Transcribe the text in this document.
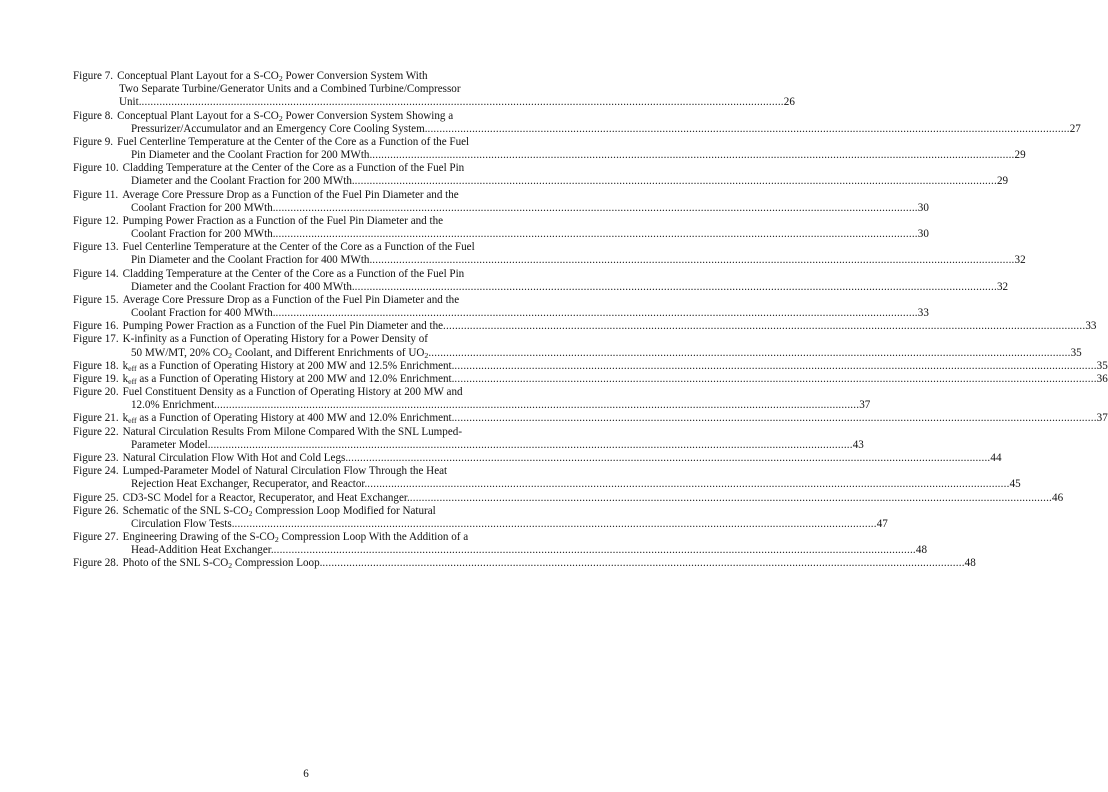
Figure 7. Conceptual Plant Layout for a $S-CO_2$ Power Conversion System With
Two Separate Turbine/Generator Units and a Combined Turbine/Compressor
Unit. .....	26
Figure 8. Conceptual Plant Layout for a $S-CO_2$ Power Conversion System Showing a
Pressurizer/Accumulator and an Emergency Core Cooling System. .....	27
Figure 9. Fuel Centerline Temperature at the Center of the Core as a Function of the Fuel
Pin Diameter and the Coolant Fraction for 200 MWth. .....	29
Figure 10. Cladding Temperature at the Center of the Core as a Function of the Fuel Pin
Diameter and the Coolant Fraction for 200 MWth. .....	29
Figure 11. Average Core Pressure Drop as a Function of the Fuel Pin Diameter and the
Coolant Fraction for 200 MWth. .....	30
Figure 12. Pumping Power Fraction as a Function of the Fuel Pin Diameter and the
Coolant Fraction for 200 MWth. .....	30
Figure 13. Fuel Centerline Temperature at the Center of the Core as a Function of the Fuel
Pin Diameter and the Coolant Fraction for 400 MWth. .....	32
Figure 14. Cladding Temperature at the Center of the Core as a Function of the Fuel Pin
Diameter and the Coolant Fraction for 400 MWth. .....	32
Figure 15. Average Core Pressure Drop as a Function of the Fuel Pin Diameter and the
Coolant Fraction for 400 MWth. .....	33
Figure 16. Pumping Power Fraction as a Function of the Fuel Pin Diameter and the .....	33
Figure 17. K-infinity as a Function of Operating History for a Power Density of
50 MW/MT, 20% $CO_2$ Coolant, and Different Enrichments of $UO_2$ .....	35
Figure 18. $k_{eff}$ as a Function of Operating History at 200 MW and 12.5% Enrichment. .....	35
Figure 19. $k_{eff}$ as a Function of Operating History at 200 MW and 12.0% Enrichment. .....	36
Figure 20. Fuel Constituent Density as a Function of Operating History at 200 MW and
12.0% Enrichment. .....	37
Figure 21. $k_{eff}$ as a Function of Operating History at 400 MW and 12.0% Enrichment. .....	37
Figure 22. Natural Circulation Results From Milone Compared With the SNL Lumped-
Parameter Model. .....	43
Figure 23. Natural Circulation Flow With Hot and Cold Legs. .....	44
Figure 24. Lumped-Parameter Model of Natural Circulation Flow Through the Heat
Rejection Heat Exchanger, Recuperator, and Reactor. .....	45
Figure 25. CD3-SC Model for a Reactor, Recuperator, and Heat Exchanger. .....	46
Figure 26. Schematic of the SNL $S-CO_2$ Compression Loop Modified for Natural
Circulation Flow Tests. .....	47
Figure 27. Engineering Drawing of the $S-CO_2$ Compression Loop With the Addition of a
Head-Addition Heat Exchanger. .....	48
Figure 28. Photo of the SNL $S-CO_2$ Compression Loop. .....	48
6
